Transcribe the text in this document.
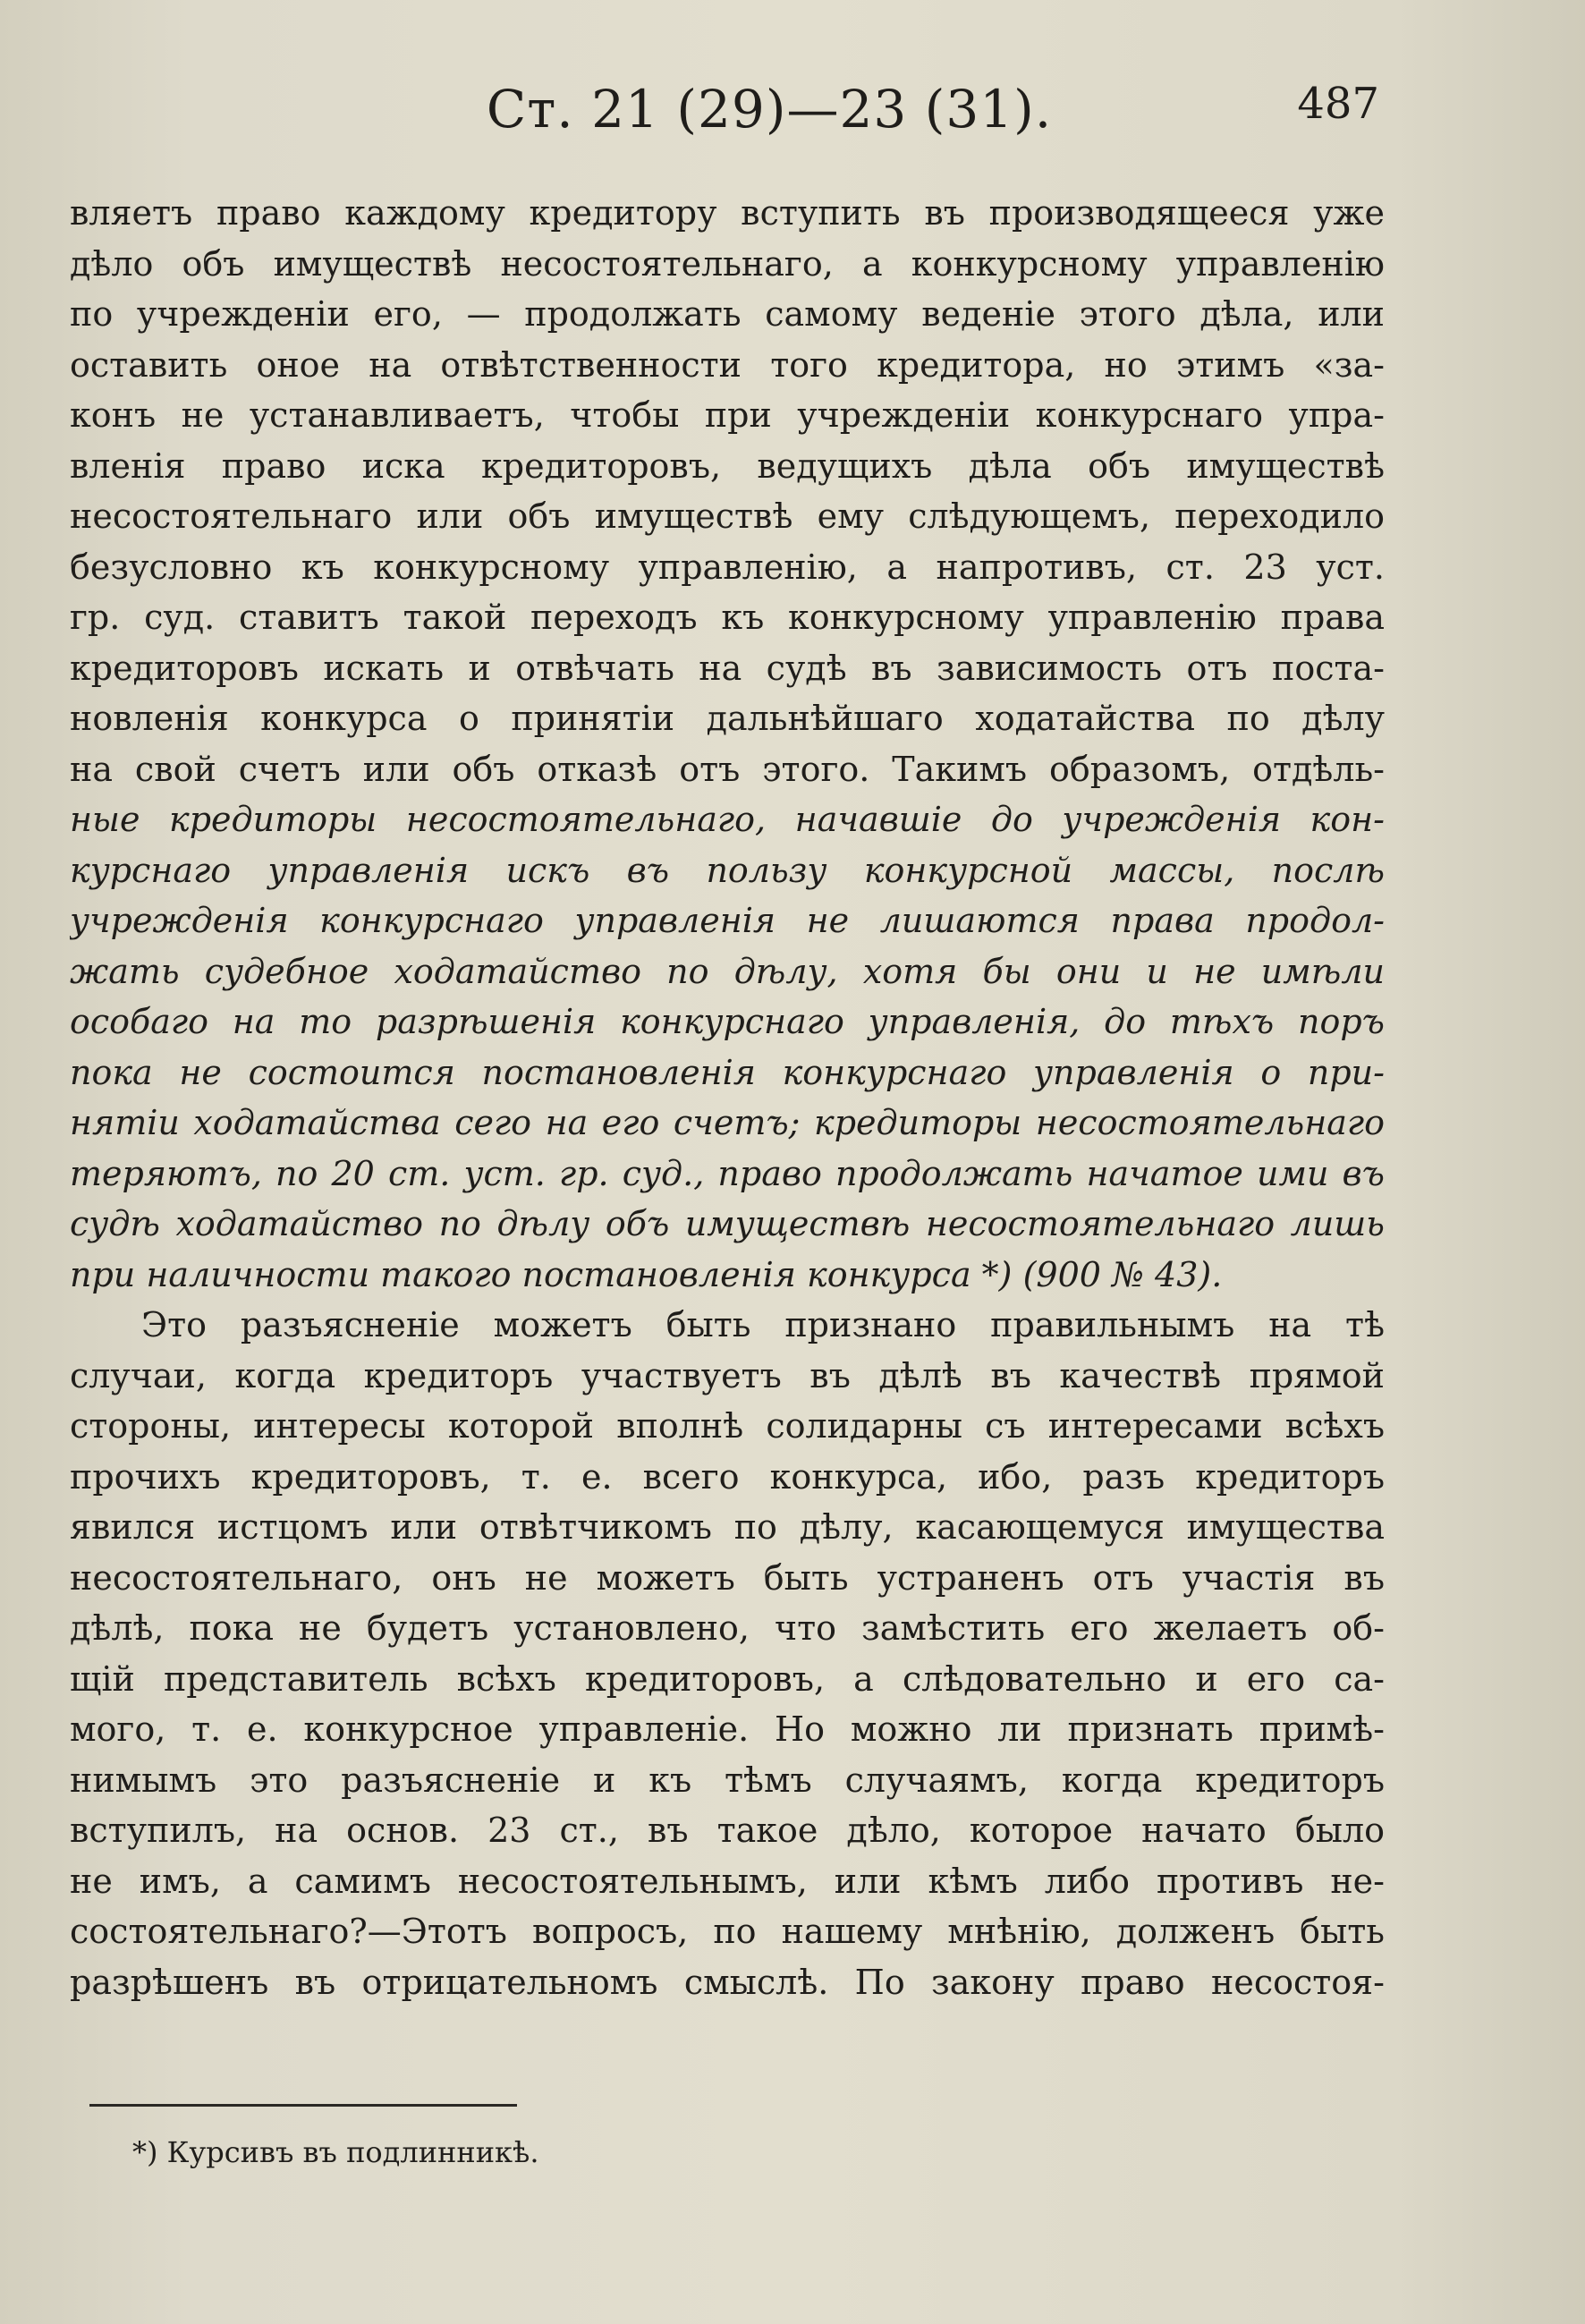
Ст. 21 (29)—23 (31).	487
вляетъ право каждому кредитору вступить въ производящееся уже
дѣло объ имуществѣ несостоятельнаго, а конкурсному управленію
по учрежденіи его, — продолжать самому веденіе этого дѣла, или
оставить оное на отвѣтственности того кредитора, но этимъ «за-
конъ не устанавливаетъ, чтобы при учрежденіи конкурснаго упра-
вленія право иска кредиторовъ, ведущихъ дѣла объ имуществѣ
несостоятельнаго или объ имуществѣ ему слѣдующемъ, переходило
безусловно къ конкурсному управленію, а напротивъ, ст. 23 уст.
гр. суд. ставитъ такой переходъ къ конкурсному управленію права
кредиторовъ искать и отвѣчать на судѣ въ зависимость отъ поста-
новленія конкурса о принятіи дальнѣйшаго ходатайства по дѣлу
на свой счетъ или объ отказѣ отъ этого. Такимъ образомъ, отдѣль-
ные кредиторы несостоятельнаго, начавшіе до учрежденія кон-
курснаго управленія искъ въ пользу конкурсной массы, послѣ
учрежденія конкурснаго управленія не лишаются права продол-
жать судебное ходатайство по дѣлу, хотя бы они и не имѣли
особаго на то разрѣшенія конкурснаго управленія, до тѣхъ поръ
пока не состоится постановленія конкурснаго управленія о при-
нятіи ходатайства сего на его счетъ; кредиторы несостоятельнаго
теряютъ, по 20 ст. уст. гр. суд., право продолжать начатое ими въ
судѣ ходатайство по дѣлу объ имуществѣ несостоятельнаго лишь
при наличности такого постановленія конкурса *) (900 № 43).
Это разъясненіе можетъ быть признано правильнымъ на тѣ
случаи, когда кредиторъ участвуетъ въ дѣлѣ въ качествѣ прямой
стороны, интересы которой вполнѣ солидарны съ интересами всѣхъ
прочихъ кредиторовъ, т. е. всего конкурса, ибо, разъ кредиторъ
явился истцомъ или отвѣтчикомъ по дѣлу, касающемуся имущества
несостоятельнаго, онъ не можетъ быть устраненъ отъ участія въ
дѣлѣ, пока не будетъ установлено, что замѣстить его желаетъ об-
щій представитель всѣхъ кредиторовъ, а слѣдовательно и его са-
мого, т. е. конкурсное управленіе. Но можно ли признать примѣ-
нимымъ это разъясненіе и къ тѣмъ случаямъ, когда кредиторъ
вступилъ, на основ. 23 ст., въ такое дѣло, которое начато было
не имъ, а самимъ несостоятельнымъ, или кѣмъ либо противъ не-
состоятельнаго?—Этотъ вопросъ, по нашему мнѣнію, долженъ быть
разрѣшенъ въ отрицательномъ смыслѣ. По закону право несостоя-
*) Курсивъ въ подлинникѣ.
